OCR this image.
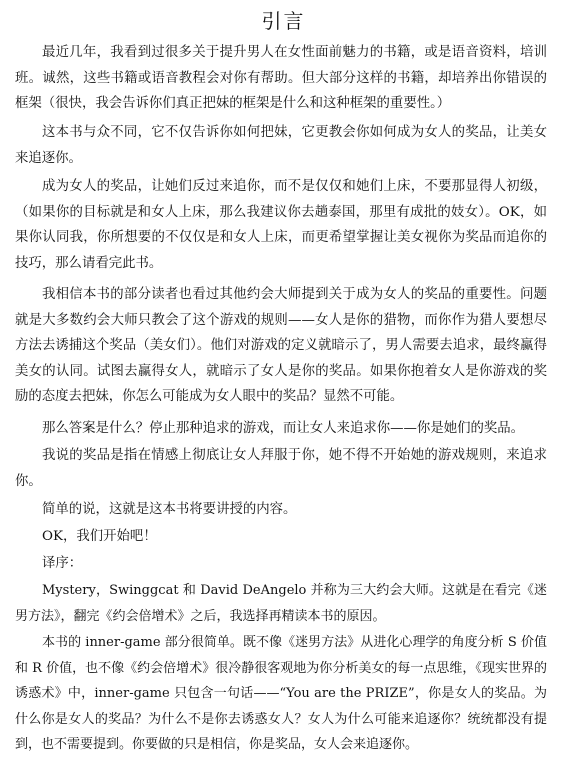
引言

最近几年，我看到过很多关于提升男人在女性面前魅力的书籍，或是语音资料，培训班。诚然，这些书籍或语音教程会对你有帮助。但大部分这样的书籍，却培养出你错误的框架（很快，我会告诉你们真正把妹的框架是什么和这种框架的重要性。）

这本书与众不同，它不仅告诉你如何把妹，它更教会你如何成为女人的奖品，让美女来追逐你。

成为女人的奖品，让她们反过来追你，而不是仅仅和她们上床，不要那显得人初级，（如果你的目标就是和女人上床，那么我建议你去趟泰国，那里有成批的妓女）。OK，如果你认同我，你所想要的不仅仅是和女人上床，而更希望掌握让美女视你为奖品而追你的技巧，那么请看完此书。

我相信本书的部分读者也看过其他约会大师提到关于成为女人的奖品的重要性。问题就是大多数约会大师只教会了这个游戏的规则——女人是你的猎物，而你作为猎人要想尽方法去诱捕这个奖品（美女们）。他们对游戏的定义就暗示了，男人需要去追求，最终赢得美女的认同。试图去赢得女人，就暗示了女人是你的奖品。如果你抱着女人是你游戏的奖励的态度去把妹，你怎么可能成为女人眼中的奖品？显然不可能。

那么答案是什么？停止那种追求的游戏，而让女人来追求你——你是她们的奖品。

我说的奖品是指在情感上彻底让女人拜服于你，她不得不开始她的游戏规则，来追求你。

简单的说，这就是这本书将要讲授的内容。

OK，我们开始吧！

译序：

Mystery，Swinggcat 和 David DeAngelo 并称为三大约会大师。这就是在看完《迷男方法》，翻完《约会倍增术》之后，我选择再精读本书的原因。

本书的 inner-game 部分很简单。既不像《迷男方法》从进化心理学的角度分析 S 价值和 R 价值，也不像《约会倍增术》很冷静很客观地为你分析美女的每一点思维，《现实世界的诱惑术》中，inner-game 只包含一句话——“You are the PRIZE”，你是女人的奖品。为什么你是女人的奖品？为什么不是你去诱惑女人？女人为什么可能来追逐你？统统都没有提到，也不需要提到。你要做的只是相信，你是奖品，女人会来追逐你。
